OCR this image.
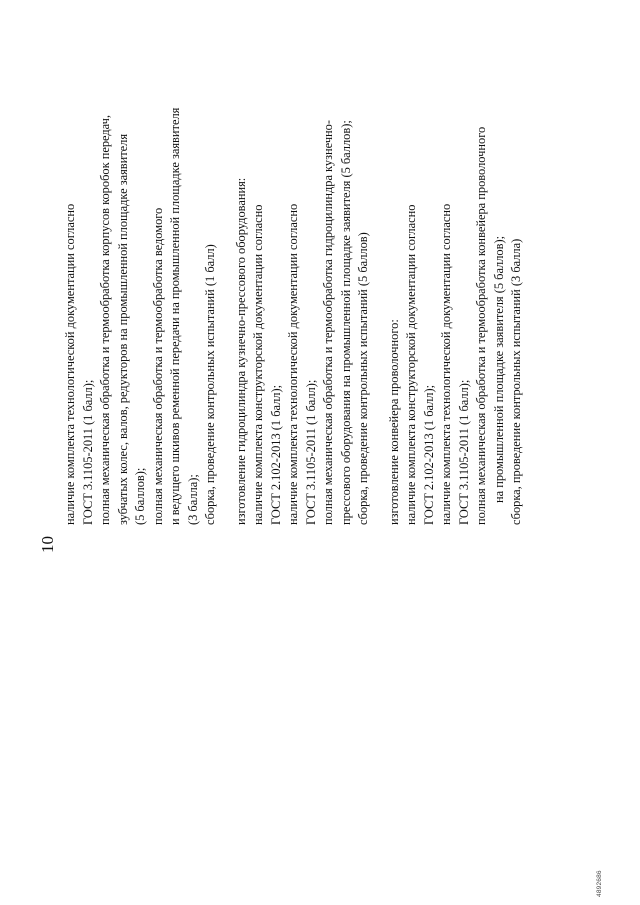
10
наличие комплекта технологической документации согласно ГОСТ 3.1105-2011 (1 балл); полная механическая обработка и термообработка корпусов коробок передач, зубчатых колес, валов, редукторов на промышленной площадке заявителя (5 баллов); полная механическая обработка и термообработка ведомого и ведущего шкивов ременной передачи на промышленной площадке заявителя (3 балла); сборка, проведение контрольных испытаний (1 балл) изготовление гидроцилиндра кузнечно-прессового оборудования: наличие комплекта конструкторской документации согласно ГОСТ 2.102-2013 (1 балл); наличие комплекта технологической документации согласно ГОСТ 3.1105-2011 (1 балл); полная механическая обработка и термообработка гидроцилиндра кузнечно- прессового оборудования на промышленной площадке заявителя (5 баллов); сборка, проведение контрольных испытаний (5 баллов) изготовление конвейера проволочного: наличие комплекта конструкторской документации согласно ГОСТ 2.102-2013 (1 балл); наличие комплекта технологической документации согласно ГОСТ 3.1105-2011 (1 балл); полная механическая обработка и термообработка конвейера проволочного на промышленной площадке заявителя (5 баллов); сборка, проведение контрольных испытаний (3 балла)
4892686
